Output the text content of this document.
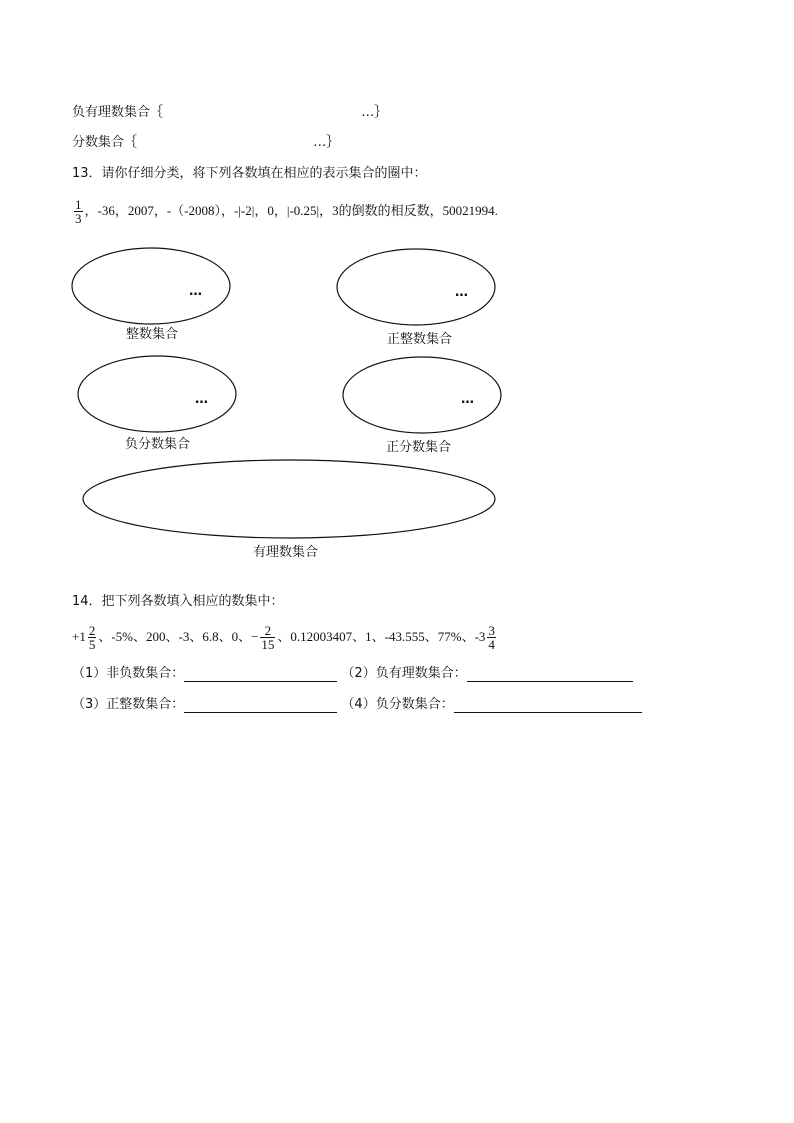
负有理数集合｛	…｝
分数集合｛	…｝
13．请你仔细分类，将下列各数填在相应的表示集合的圈中：
$\frac{1}{3}$ ，-36，2007，-（-2008），-|-2|，0，|-0.25|，3的倒数的相反数，50021994.
…
整数集合
…
正整数集合
…
负分数集合
…
正分数集合
有理数集合
14．把下列各数填入相应的数集中：
$+1 \frac{2}{5}$ 、-5%、200、-3、6.8、0、− $\frac{2}{15}$ 、0.12003407、1、-43.555、77%、$-3 \frac{3}{4}$
（1）非负数集合：	（2）负有理数集合：
（3）正整数集合：	（4）负分数集合：
